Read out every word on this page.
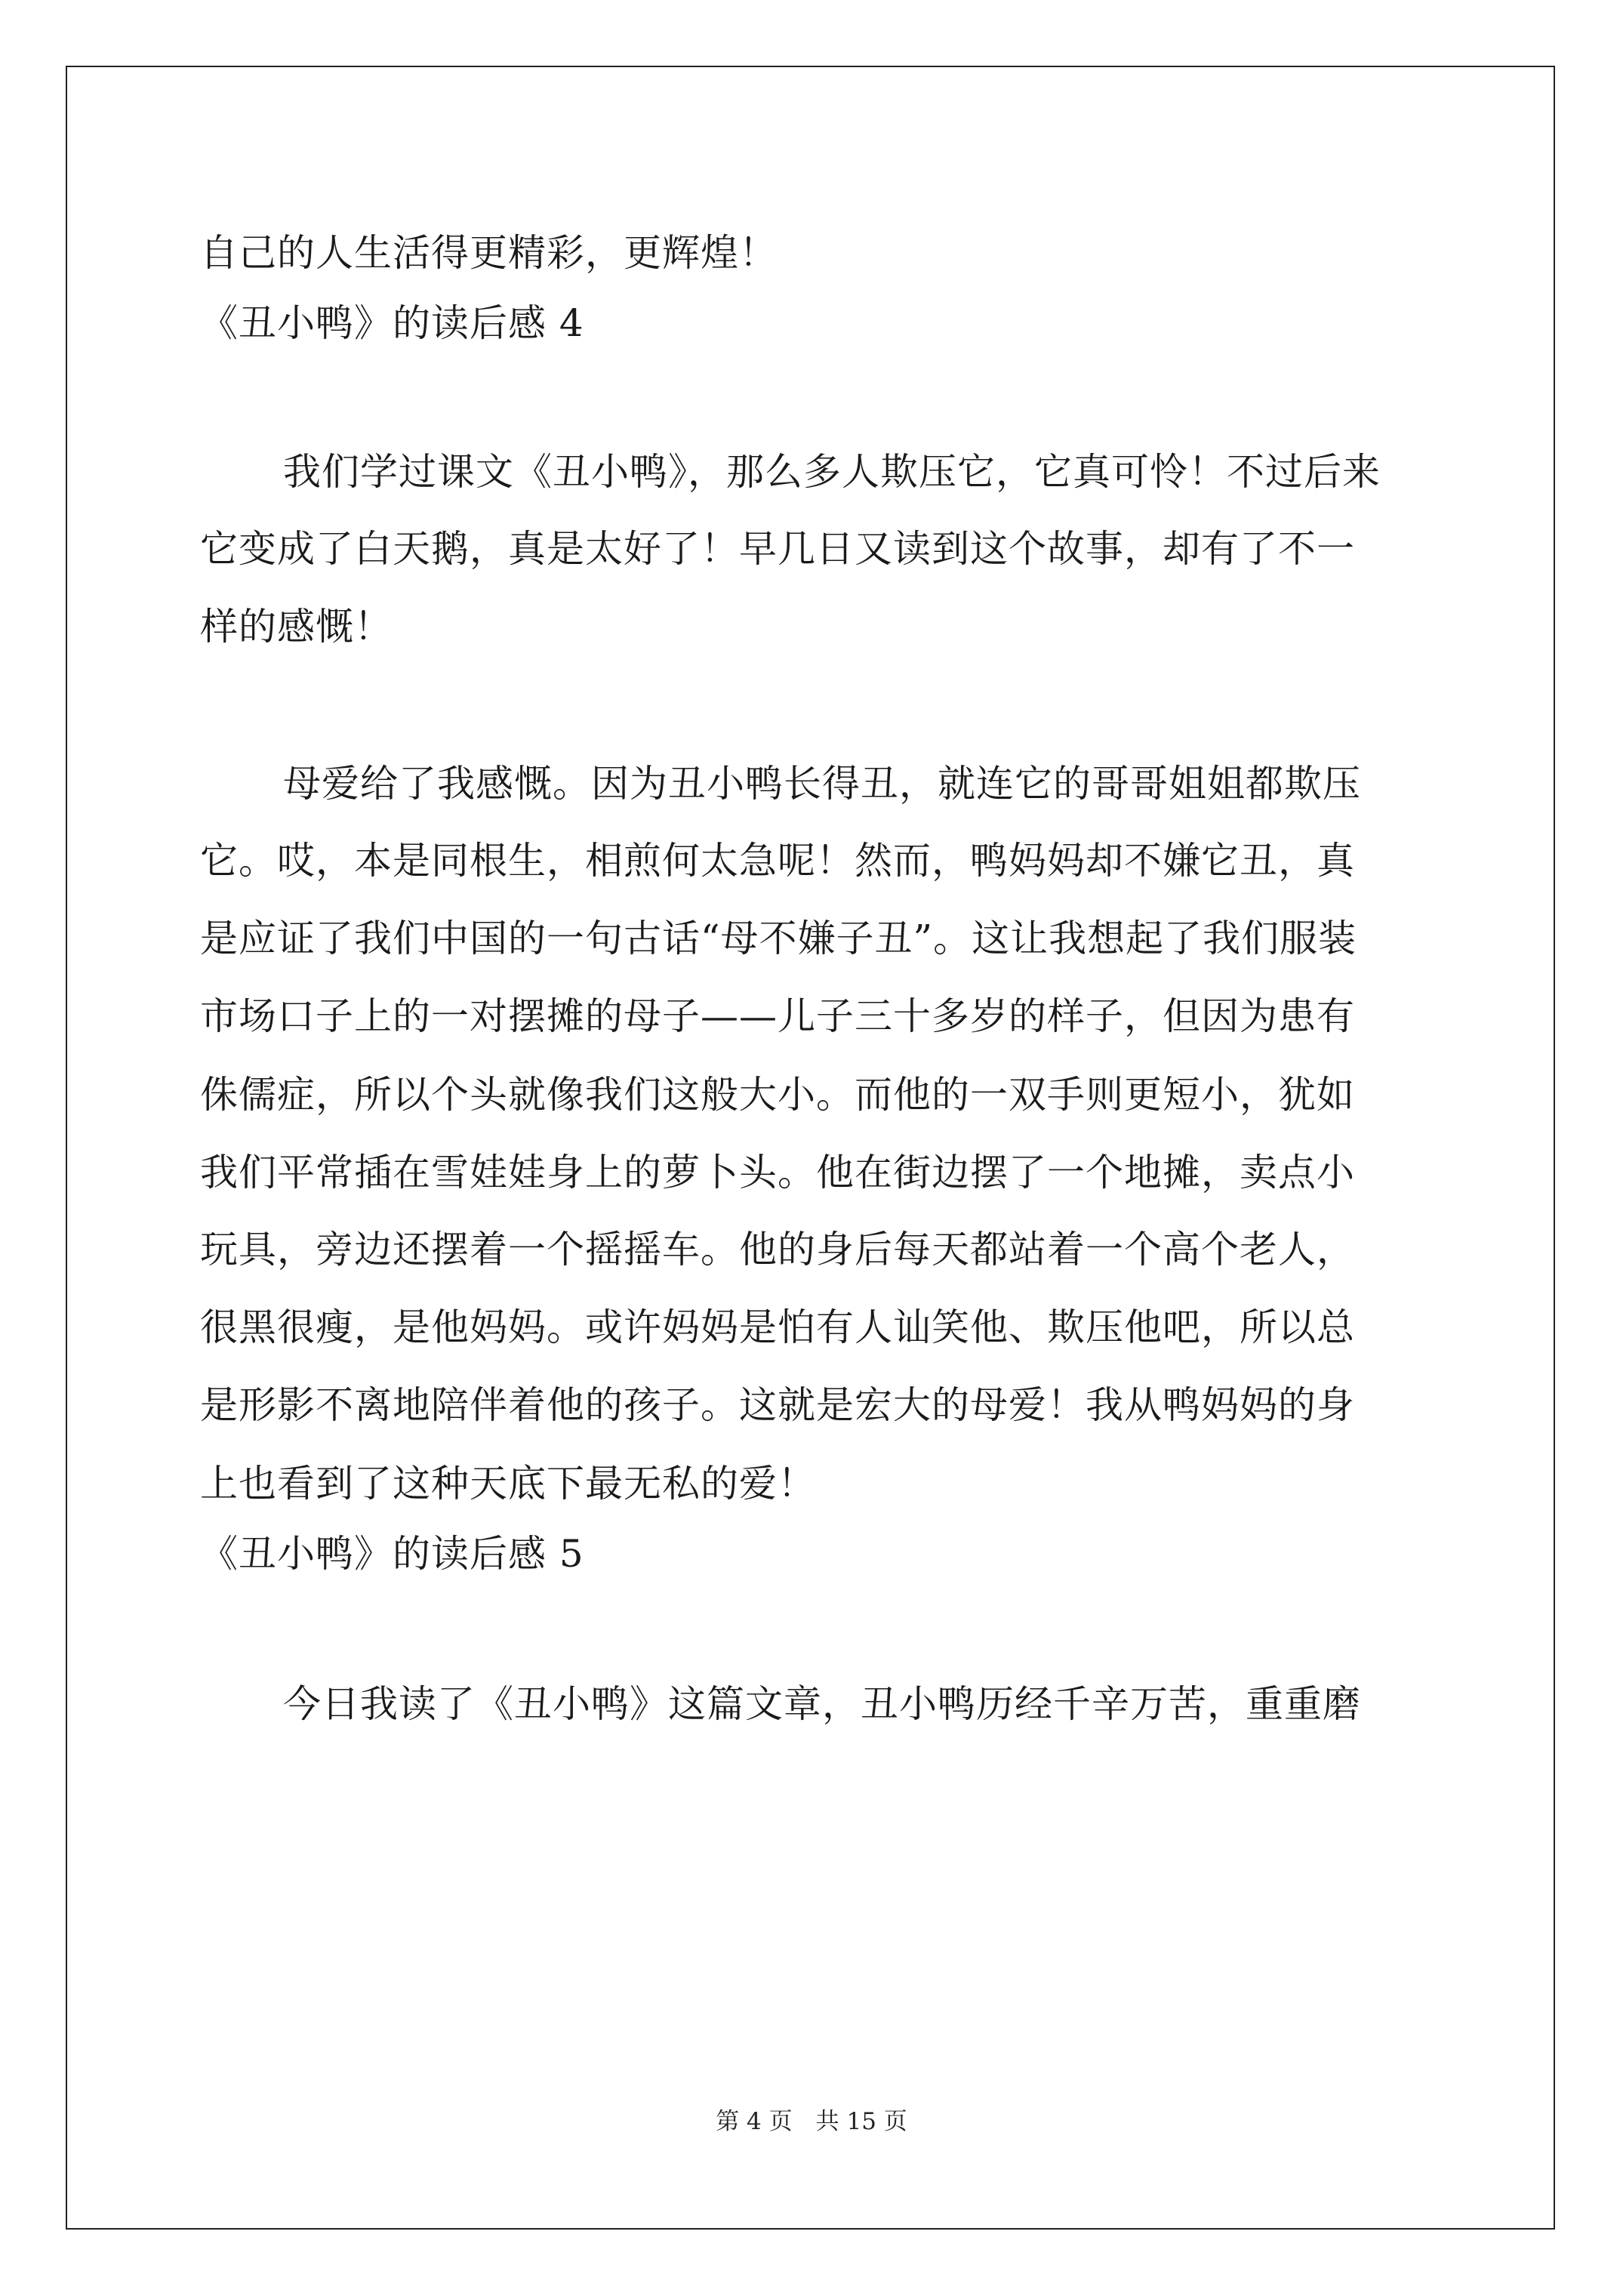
自己的人生活得更精彩，更辉煌！
《丑小鸭》的读后感 4
我们学过课文《丑小鸭》，那么多人欺压它，它真可怜！不过后来
它变成了白天鹅，真是太好了！早几日又读到这个故事，却有了不一
样的感慨！
母爱给了我感慨。因为丑小鸭长得丑，就连它的哥哥姐姐都欺压
它。哎，本是同根生，相煎何太急呢！然而，鸭妈妈却不嫌它丑，真
是应证了我们中国的一句古话“母不嫌子丑”。这让我想起了我们服装
市场口子上的一对摆摊的母子——儿子三十多岁的样子，但因为患有
侏儒症，所以个头就像我们这般大小。而他的一双手则更短小，犹如
我们平常插在雪娃娃身上的萝卜头。他在街边摆了一个地摊，卖点小
玩具，旁边还摆着一个摇摇车。他的身后每天都站着一个高个老人，
很黑很瘦，是他妈妈。或许妈妈是怕有人讪笑他、欺压他吧，所以总
是形影不离地陪伴着他的孩子。这就是宏大的母爱！我从鸭妈妈的身
上也看到了这种天底下最无私的爱！
《丑小鸭》的读后感 5
今日我读了《丑小鸭》这篇文章，丑小鸭历经千辛万苦，重重磨
第 4 页　共 15 页
